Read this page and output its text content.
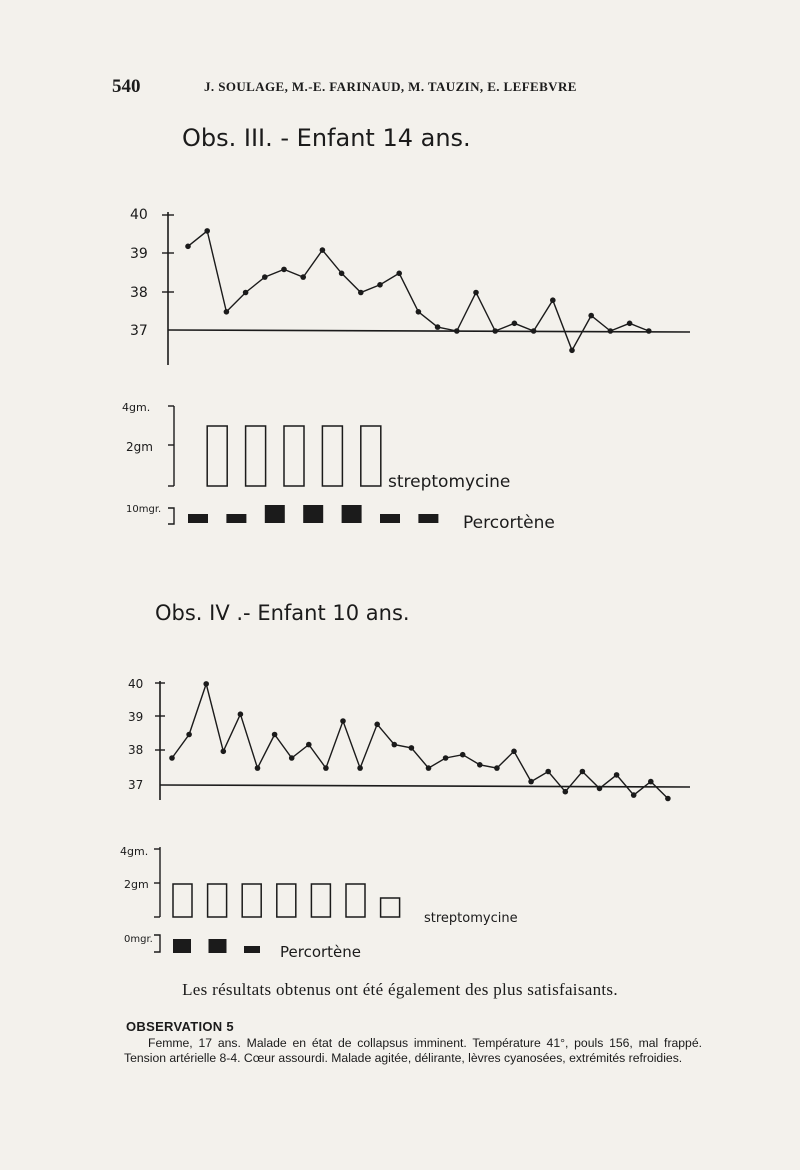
540	J. SOULAGE, M.-E. FARINAUD, M. TAUZIN, E. LEFEBVRE
Obs. III. - Enfant 14 ans.
40
39
38
37
4gm.
2gm
10mgr.
streptomycine
Percortène
Obs. IV .- Enfant 10 ans.
40
39
38
37
4gm.
2gm
0mgr.
streptomycine
Percortène
Les résultats obtenus ont été également des plus satisfaisants.
OBSERVATION 5
Femme, 17 ans. Malade en état de collapsus imminent. Température 41°, pouls 156, mal frappé. Tension artérielle 8-4. Cœur assourdi. Malade agitée, délirante, lèvres cyanosées, extrémités refroidies.
